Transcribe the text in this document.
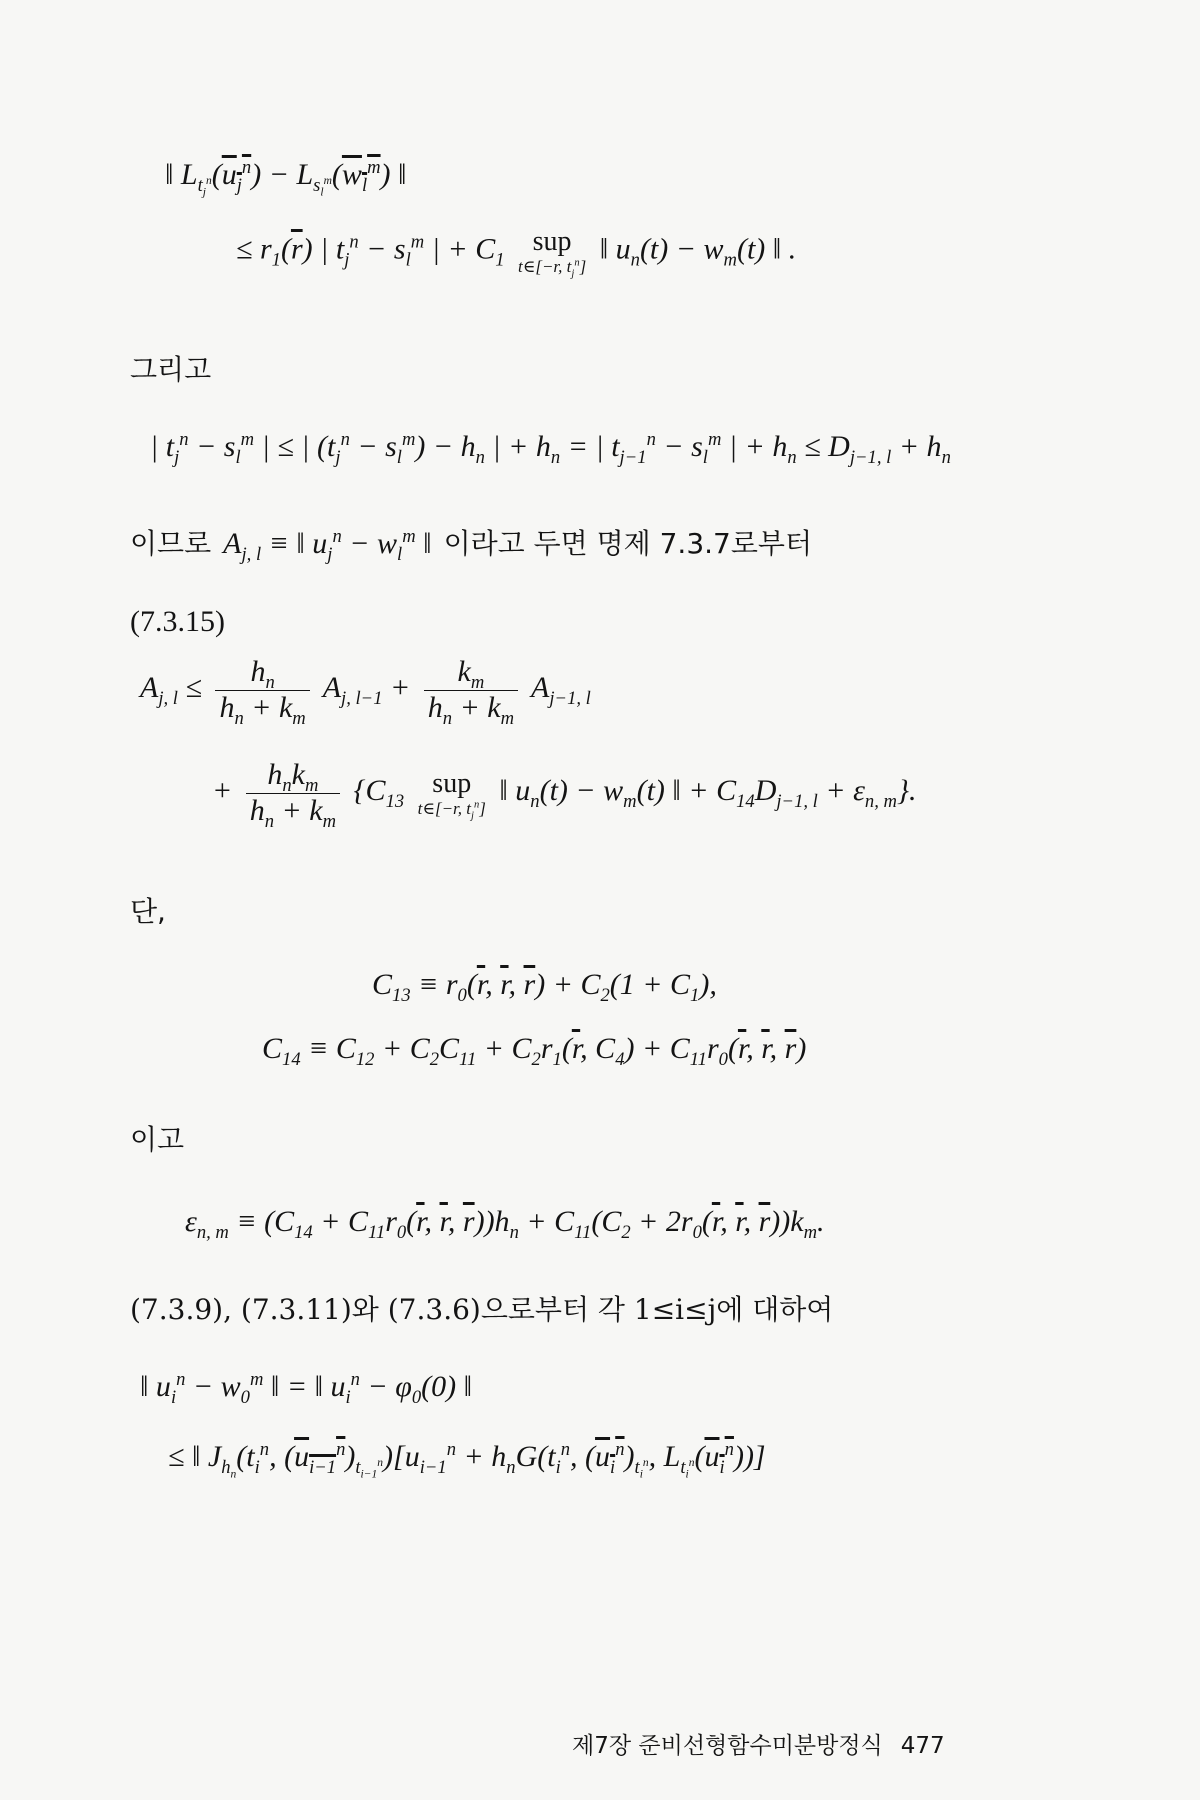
‖ $L_{t_j^n}(u_j^n) - L_{s_l^m}(w_l^m)$ ‖
≤ $r_1(\overline{r})$ | $t_j^n - s_l^m$ | + $C_1$
sup
t∈[−r, $t_j^n$]
‖ $u_n(t) - w_m(t)$ ‖ .
그리고
| $t_j^n - s_l^m$ | ≤ | $(t_j^n - s_l^m) - h_n$ | + $h_n$ = | $t_{j-1}^n - s_l^m$ | + $h_n \le D_{j-1, l} + h_n$
이므로 $A_{j, l}$ ≡ ‖ $u_j^n - w_l^m$ ‖ 이라고 두면 명제 7.3.7로부터
(7.3.15)
$A_{j, l} \le \frac{h_n}{h_n + k_m} A_{j, l-1} + \frac{k_m}{h_n + k_m} A_{j-1, l}$
+ $\frac{h_nk_m}{h_n + k_m} \{C_{13}$
sup
t∈[−r, $t_j^n$]
‖ $u_n(t) - w_m(t)$ ‖ + $C_{14}D_{j-1, l} + \varepsilon_{n, m}$}.
단,
$C_{13} \equiv r_0(\overline{r}$, $\overline{r}$, $\overline{r}) + C_2(1 + C_1)$,
$C_{14} \equiv C_{12} + C_2C_{11} + C_2r_1(\overline{r}$, $C_4) + C_{11}r_0(\overline{r}$, $\overline{r}$, $\overline{r}$)
이고
$\varepsilon_{n, m} \equiv (C_{14} + C_{11}r_0(\overline{r}$, $\overline{r}$, $\overline{r}))h_n + C_{11}(C_2 + 2r_0(\overline{r}$, $\overline{r}$, $\overline{r}))k_m$.
(7.3.9), (7.3.11)와 (7.3.6)으로부터 각 1≤i≤j에 대하여
‖ $u_i^n - w_0^m$ ‖ = ‖ $u_i^n - \varphi_0(0)$ ‖
≤ ‖ $J_{h_n}(t_i^n$, $(u_{i-1}^n)_{t_{i-1}^n})[u_{i-1}^n + h_nG(t_i^n$, $(u_i^n)_{t_i^n}$, $L_{t_i^n}(u_i^n)$)]
제7장 준비선형함수미분방정식 477
